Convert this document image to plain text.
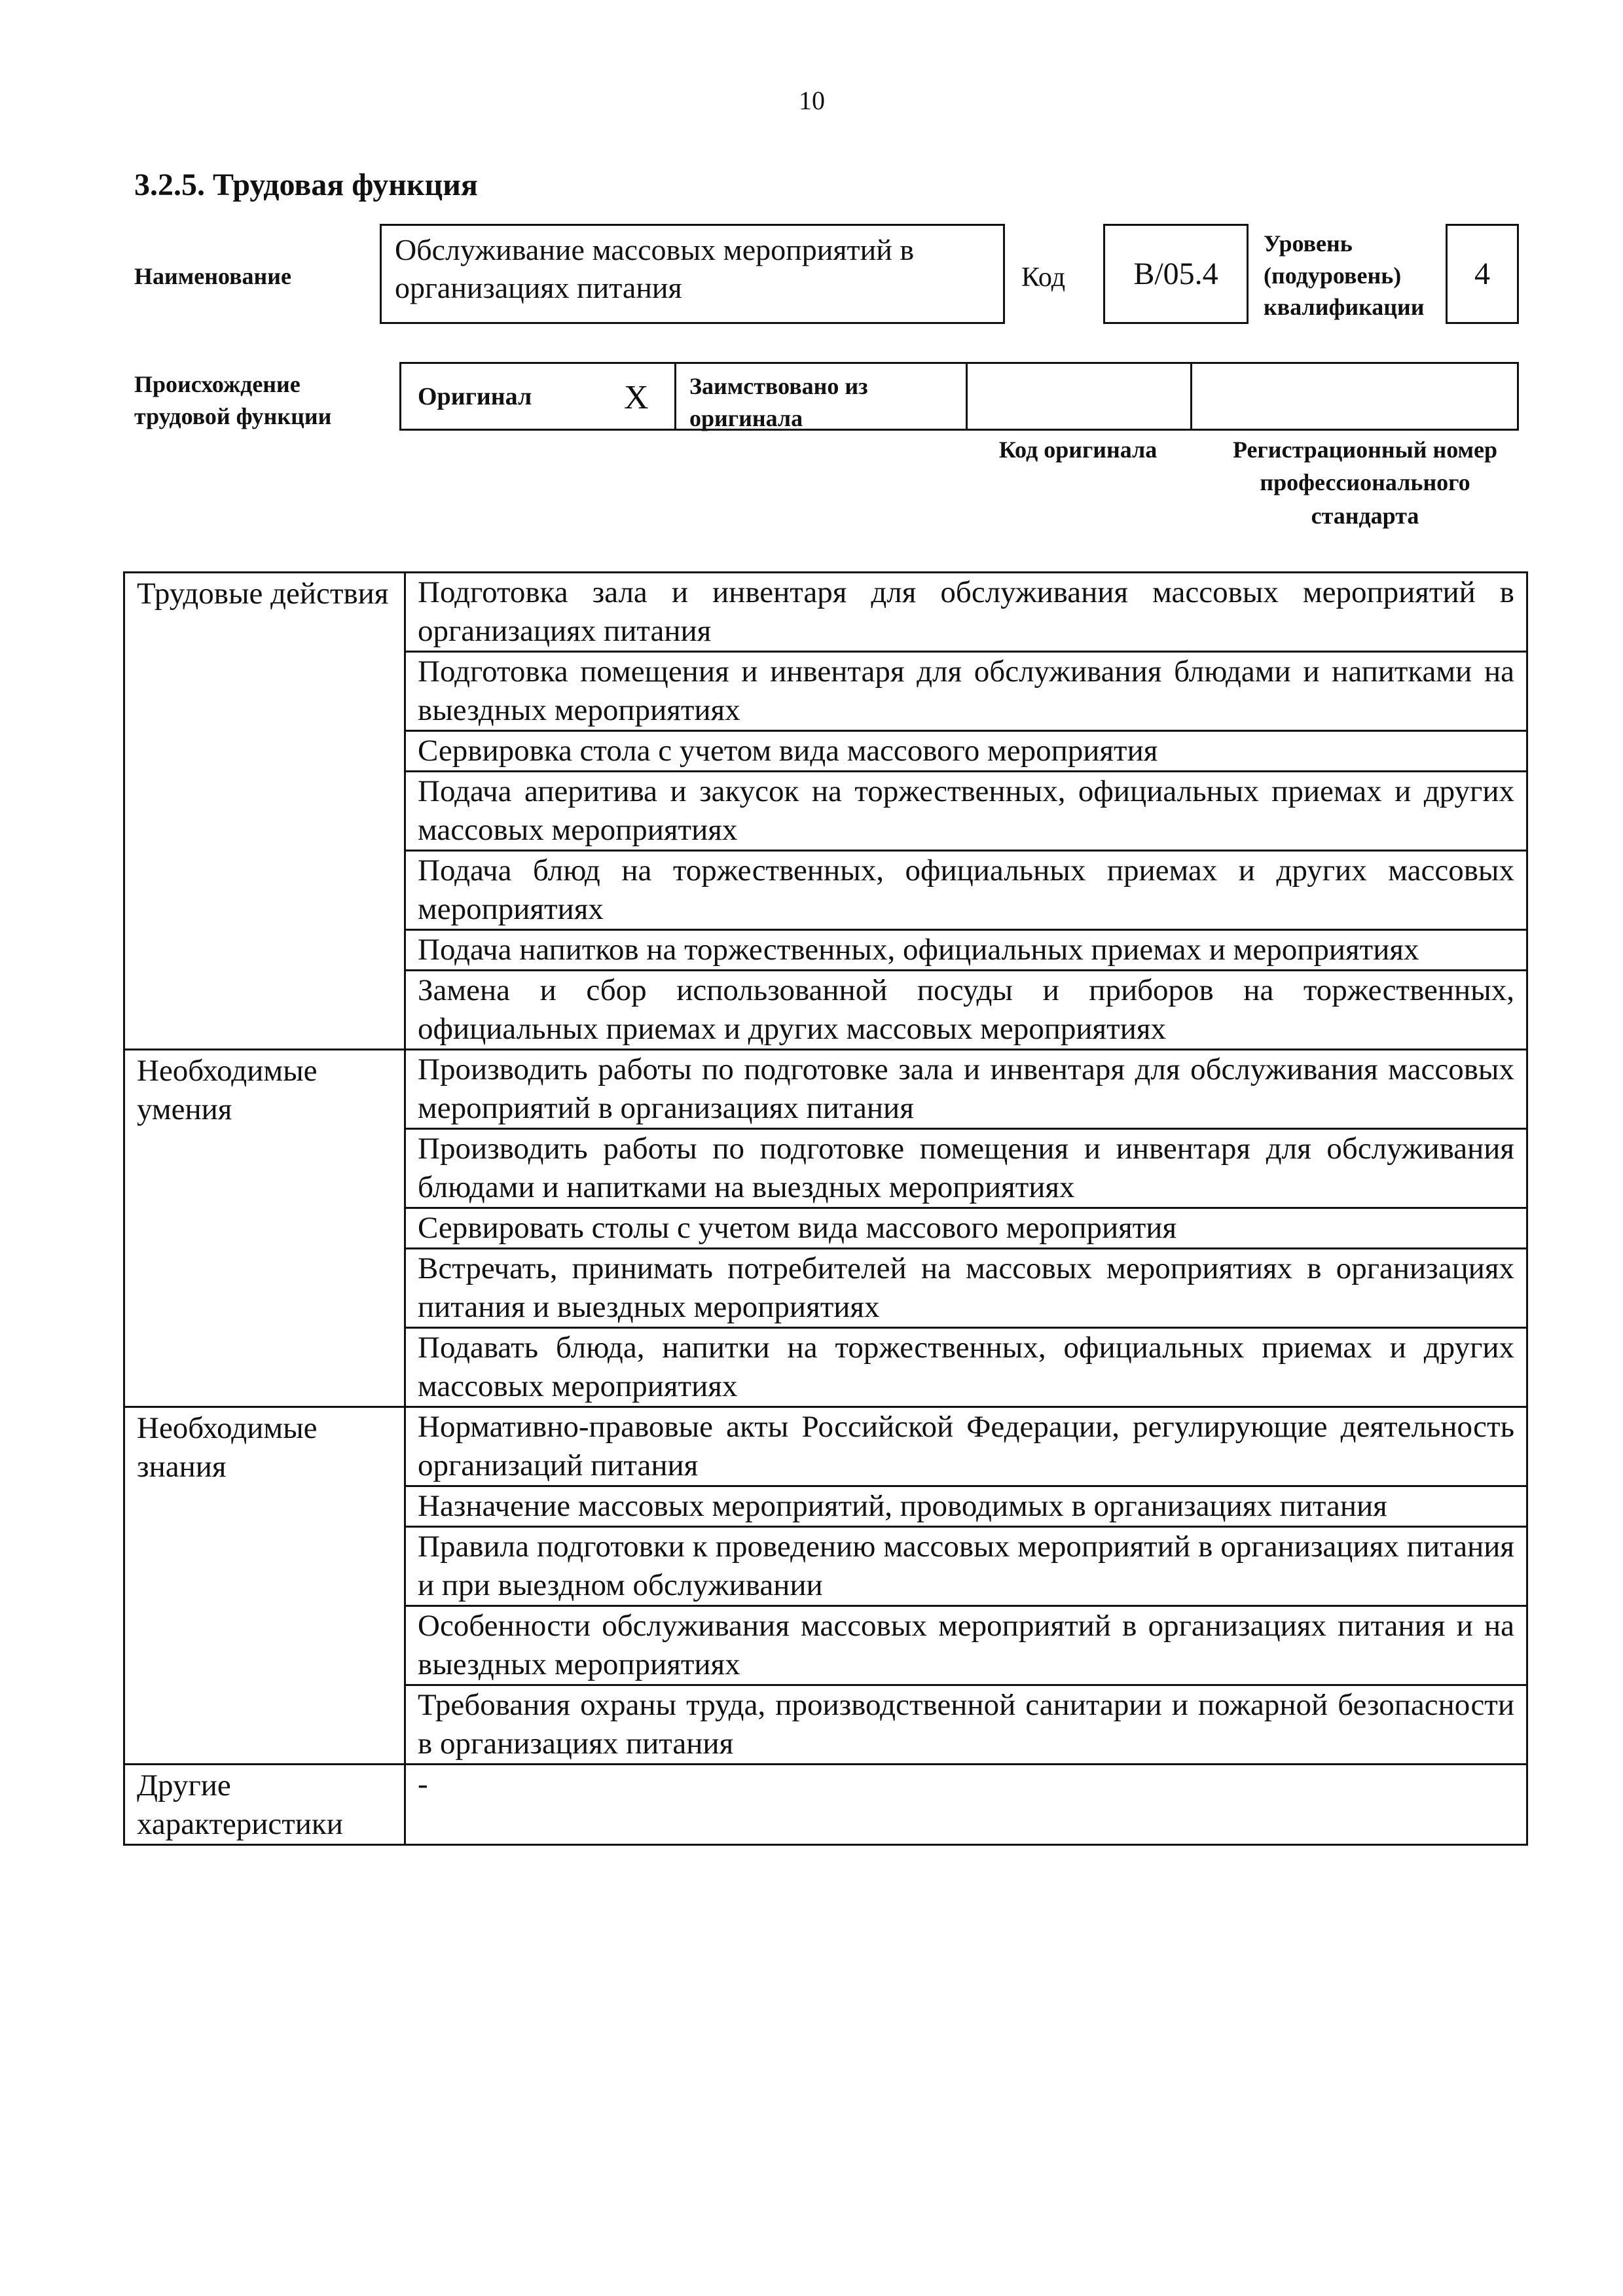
10
3.2.5. Трудовая функция
Наименование
Обслуживание массовых мероприятий в организациях питания	Код	B/05.4
Уровень (подуровень) квалификации
4
Происхождение трудовой функции
Оригинал	X	Заимствовано из оригинала
Код оригинала	Регистрационный номер профессионального стандарта
Трудовые действия	Подготовка зала и инвентаря для обслуживания массовых мероприятий в организациях питания
	Подготовка помещения и инвентаря для обслуживания блюдами и напитками на выездных мероприятиях
	Сервировка стола с учетом вида массового мероприятия
	Подача аперитива и закусок на торжественных, официальных приемах и других массовых мероприятиях
	Подача блюд на торжественных, официальных приемах и других массовых мероприятиях
	Подача напитков на торжественных, официальных приемах и мероприятиях
	Замена и сбор использованной посуды и приборов на торжественных, официальных приемах и других массовых мероприятиях
Необходимые умения	Производить работы по подготовке зала и инвентаря для обслуживания массовых мероприятий в организациях питания
	Производить работы по подготовке помещения и инвентаря для обслуживания блюдами и напитками на выездных мероприятиях
	Сервировать столы с учетом вида массового мероприятия
	Встречать, принимать потребителей на массовых мероприятиях в организациях питания и выездных мероприятиях
	Подавать блюда, напитки на торжественных, официальных приемах и других массовых мероприятиях
Необходимые знания	Нормативно-правовые акты Российской Федерации, регулирующие деятельность организаций питания
	Назначение массовых мероприятий, проводимых в организациях питания
	Правила подготовки к проведению массовых мероприятий в организациях питания и при выездном обслуживании
	Особенности обслуживания массовых мероприятий в организациях питания и на выездных мероприятиях
	Требования охраны труда, производственной санитарии и пожарной безопасности в организациях питания
Другие характеристики	-
